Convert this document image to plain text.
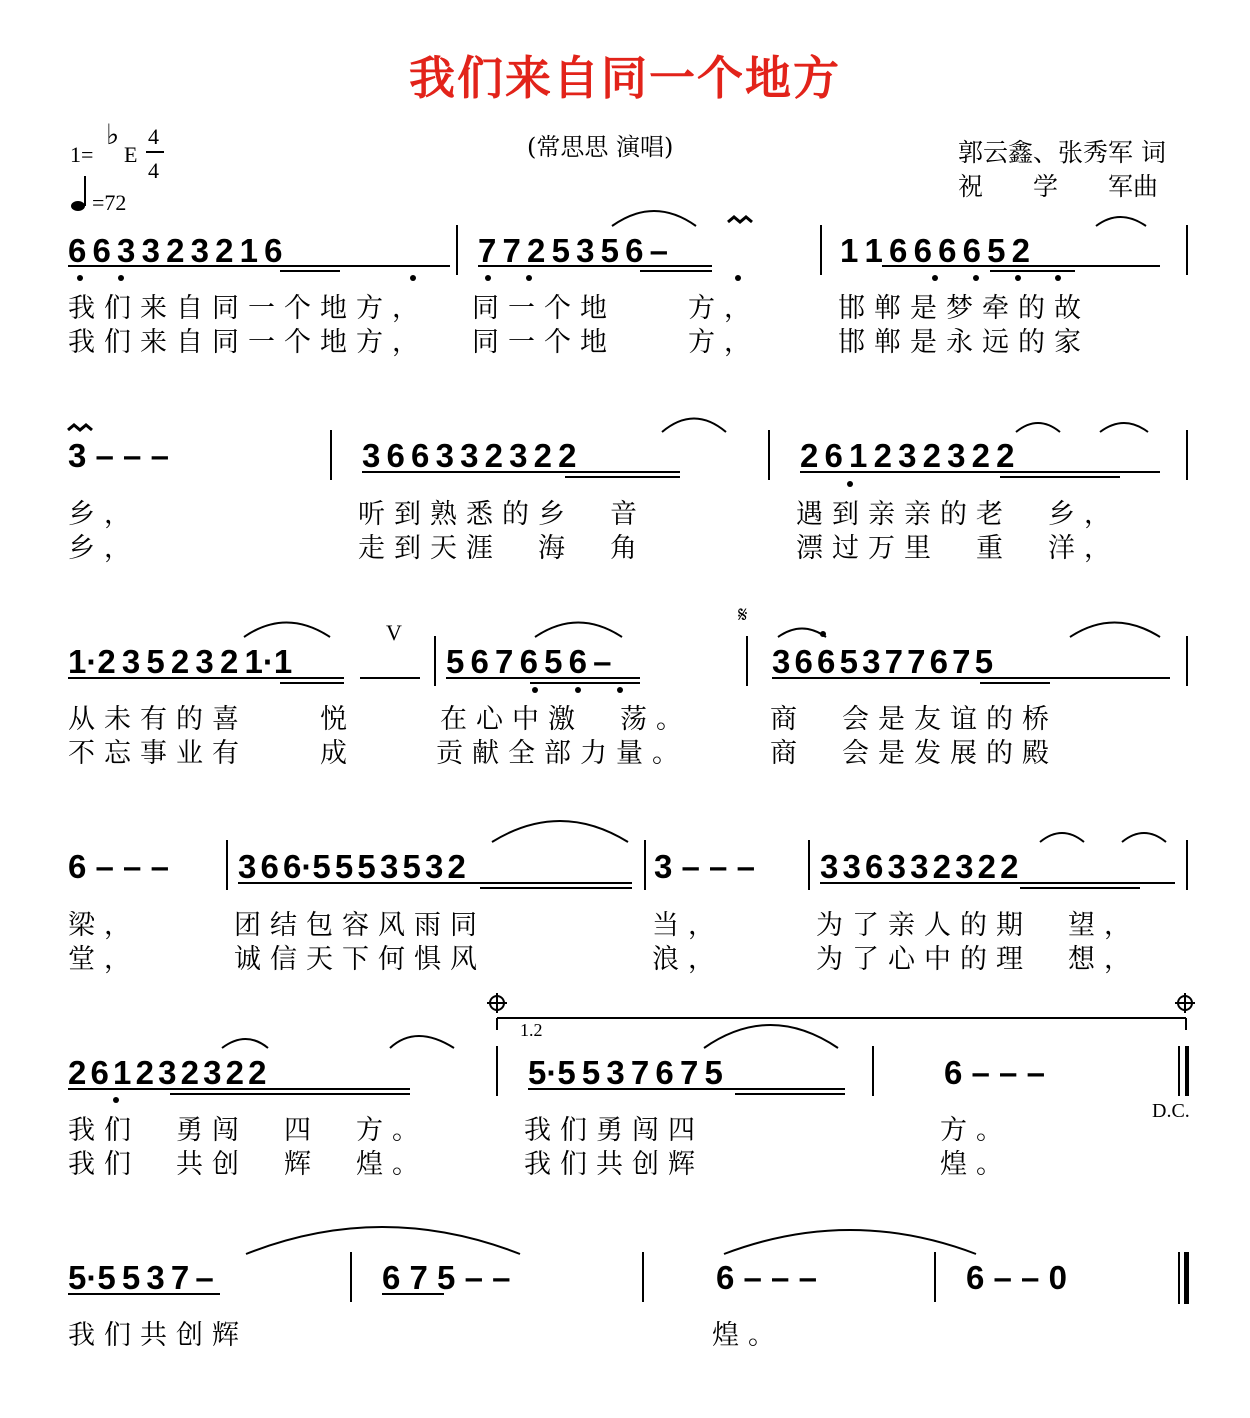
我们来自同一个地方
(常思思 演唱)	郭云鑫、张秀军 词
祝　　学　　军曲
1=
♭
E
4
4
=72
6 6 3 3 2 3 2 1 6	7 7 2 5 3 5 6 –	1 1 6 6 6 6 5 2
我们来自同一个地方， 同一个地　　方，	邯郸是梦牵的故
我们来自同一个地方， 同一个地　　方，	邯郸是永远的家
3 – – –	3 6 6 3 3 2 3 2 2	2 6 1 2 3 2 3 2 2
乡，	听到熟悉的乡　音	遇到亲亲的老　乡，
乡，	走到天涯　海　角	漂过万里　重　洋，
1·2 3 5 2 3 2 1·1	5 6 7 6 5 6 –	3 6 6 5 3 7 7 6 7 5
从未有的喜　　悦	在心中激　荡。	商　会是友谊的桥
不忘事业有　　成 　贡献全部力量。	商　会是发展的殿
V
6 – – – 3 6 6·5 5 5 3 5 3 2	3 – – – 3 3 6 3 3 2 3 2 2
梁，	团结包容风雨同	当，	为了亲人的期　望，
堂，	诚信天下何惧风	浪，	为了心中的理　想，
2 6 1 2 3 2 3 2 2	5·5 5 3 7 6 7 5	6 – – –
我们　勇闯　四　方。	我们勇闯四	方。
我们　共创　辉　煌。	我们共创辉	煌。
1.2
D.C.
5·5 5 3 7 –	6 7 5 – –	6 – – –	6 – – 0
我们共创辉	煌。
𝄋
